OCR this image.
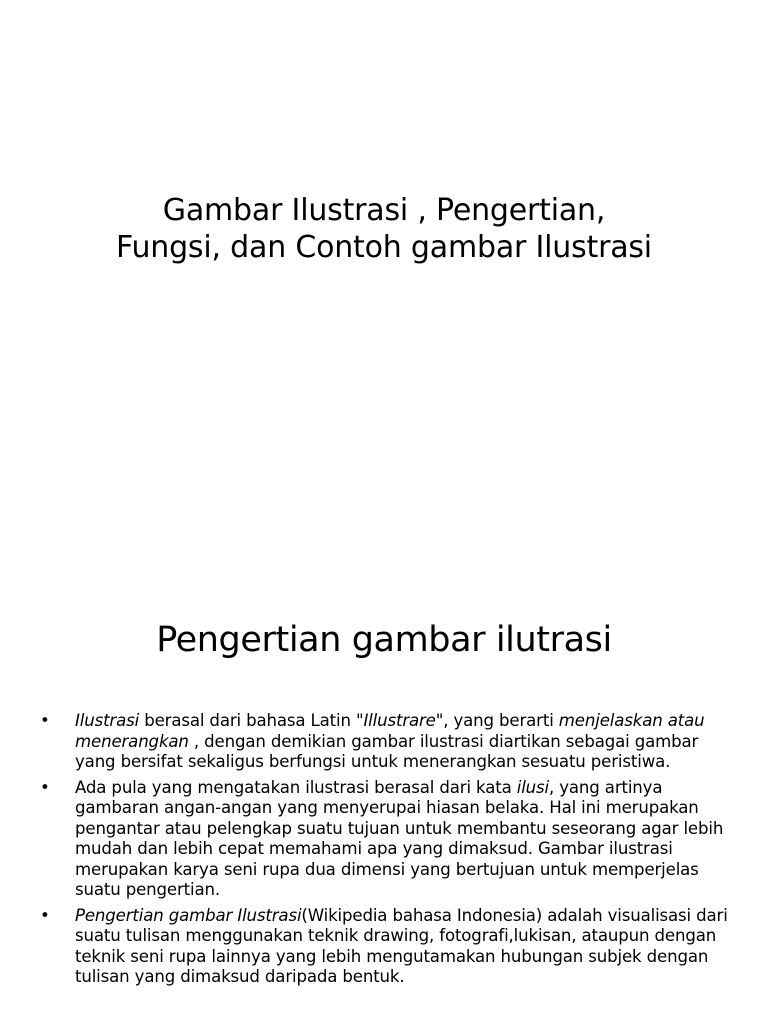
Gambar Ilustrasi , Pengertian,
Fungsi, dan Contoh gambar Ilustrasi
Pengertian gambar ilutrasi
• Ilustrasi berasal dari bahasa Latin "Illustrare", yang berarti menjelaskan atau menerangkan , dengan demikian gambar ilustrasi diartikan sebagai gambar yang bersifat sekaligus berfungsi untuk menerangkan sesuatu peristiwa.
• Ada pula yang mengatakan ilustrasi berasal dari kata ilusi, yang artinya gambaran angan-angan yang menyerupai hiasan belaka. Hal ini merupakan pengantar atau pelengkap suatu tujuan untuk membantu seseorang agar lebih mudah dan lebih cepat memahami apa yang dimaksud. Gambar ilustrasi merupakan karya seni rupa dua dimensi yang bertujuan untuk memperjelas suatu pengertian.
• Pengertian gambar Ilustrasi(Wikipedia bahasa Indonesia) adalah visualisasi dari suatu tulisan menggunakan teknik drawing, fotografi,lukisan, ataupun dengan teknik seni rupa lainnya yang lebih mengutamakan hubungan subjek dengan tulisan yang dimaksud daripada bentuk.
